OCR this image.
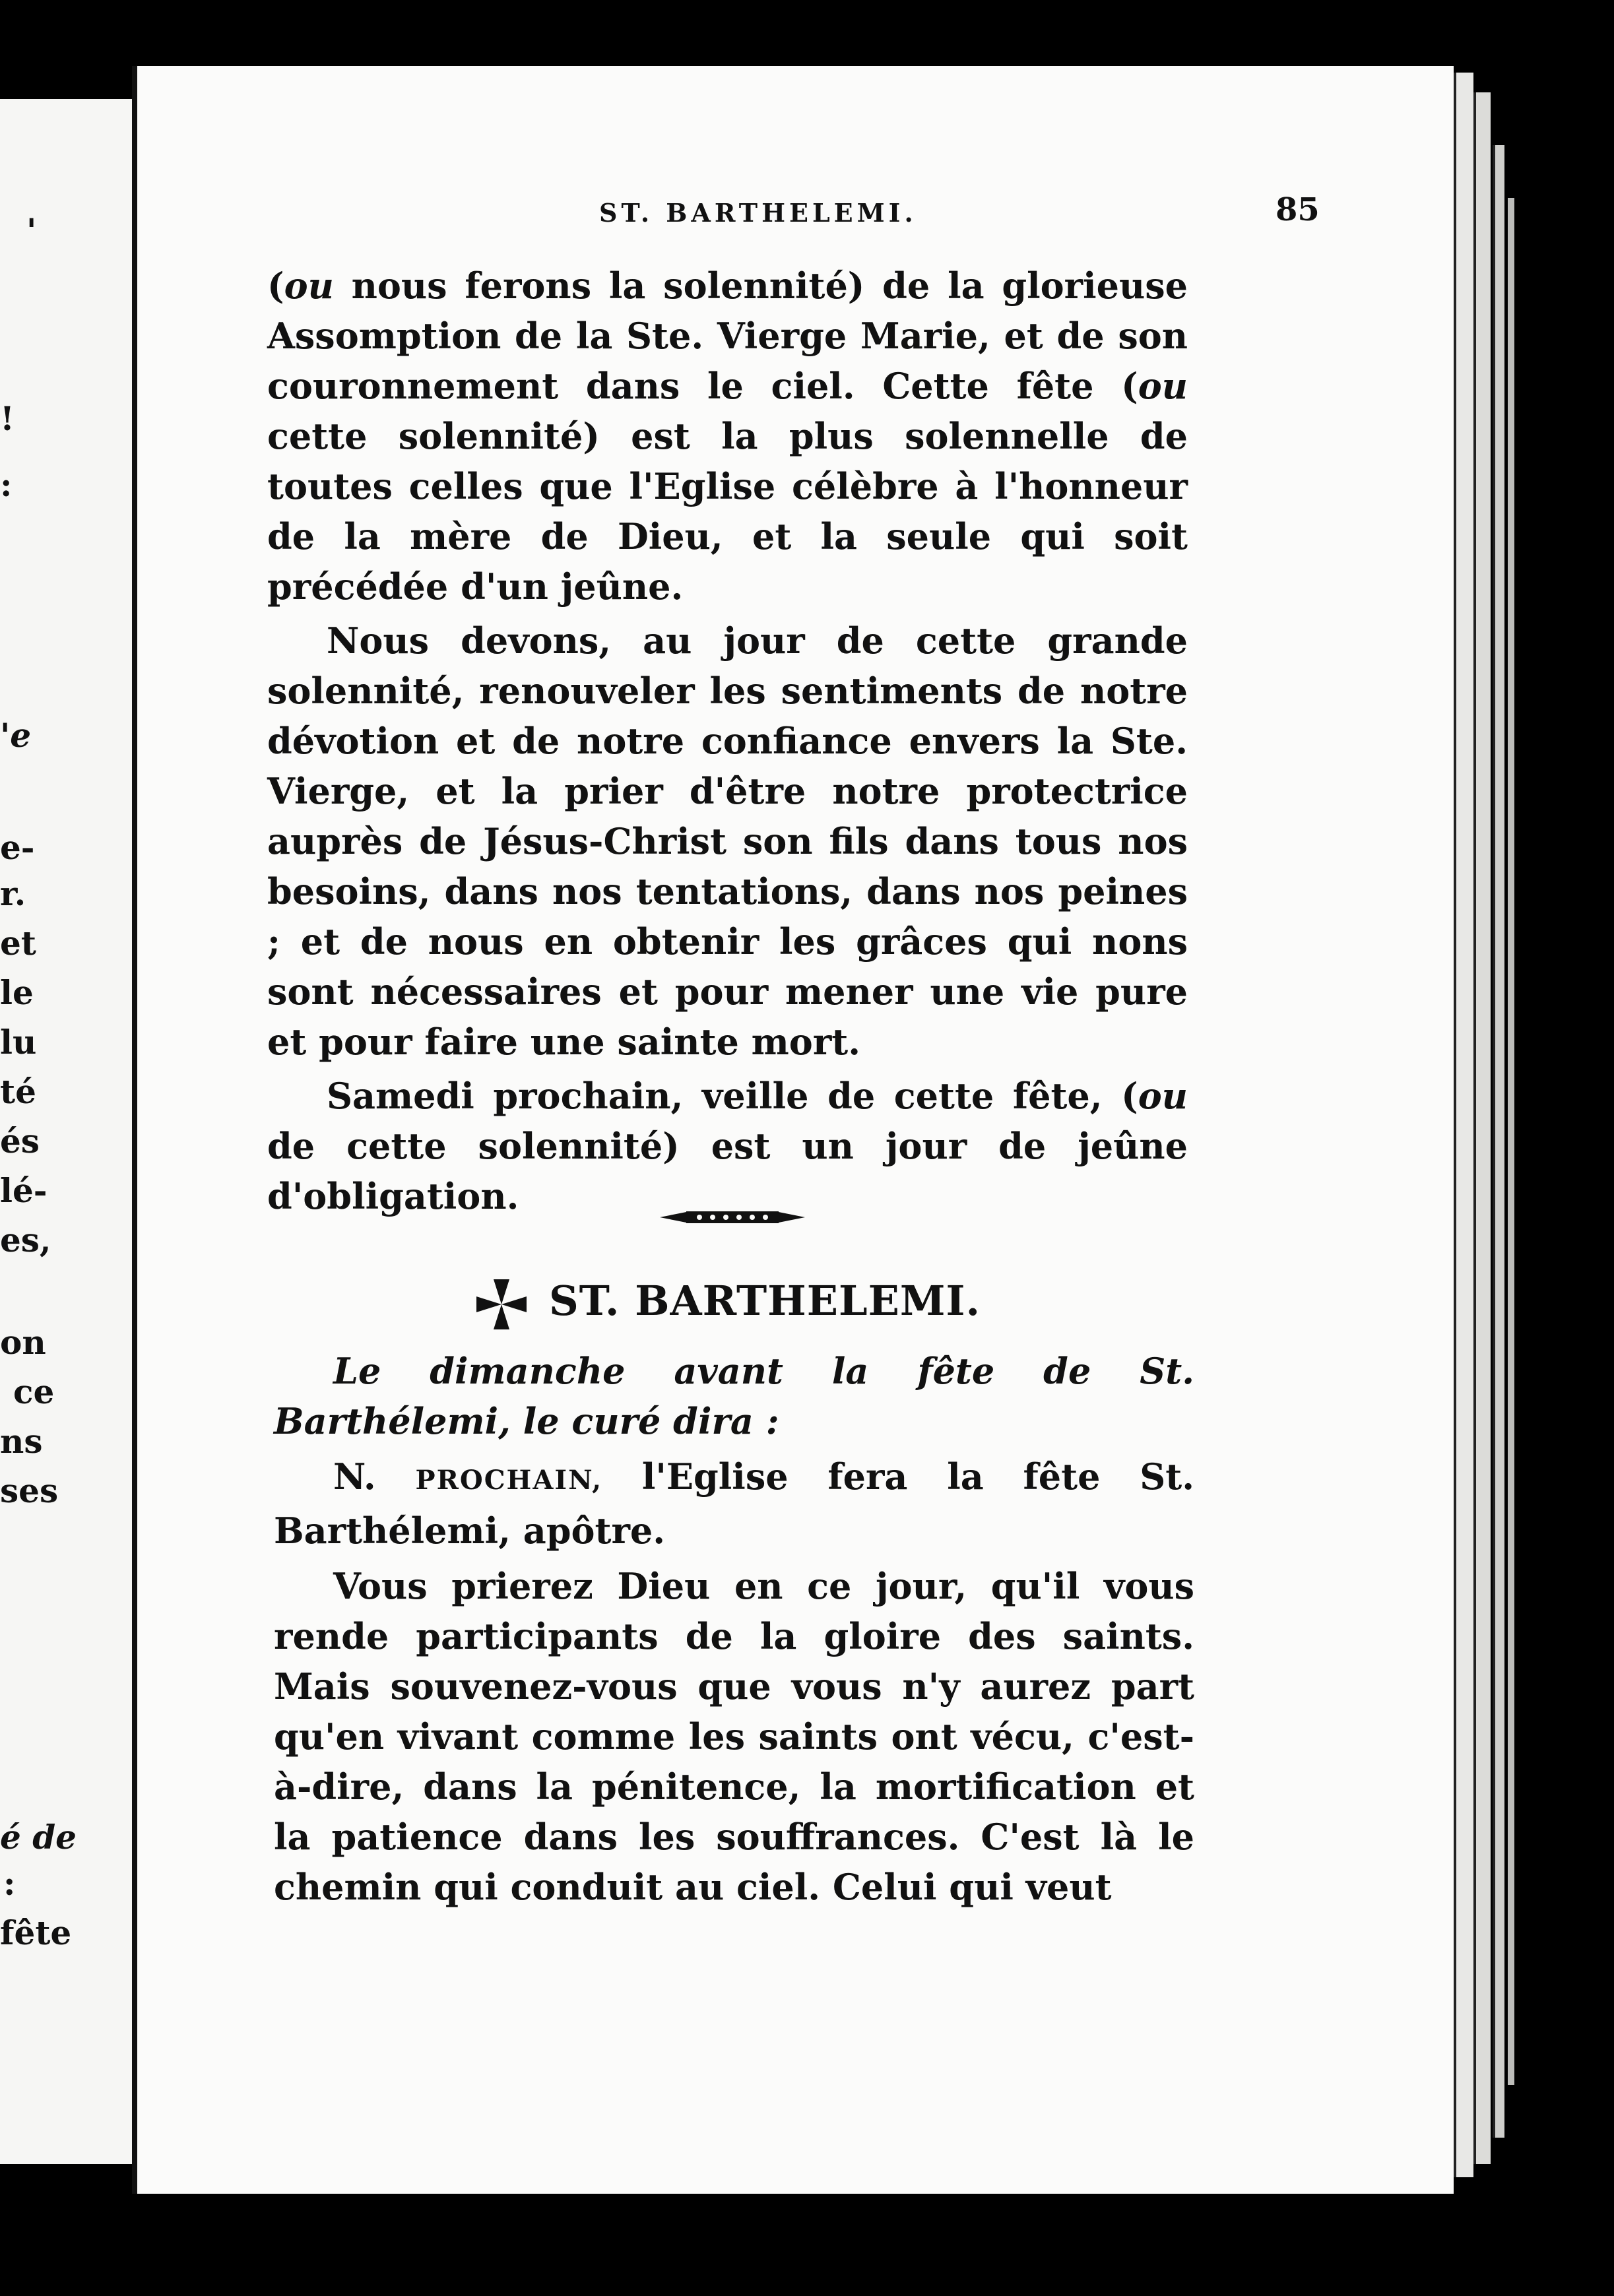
'
!
:
'e
e-
r.
et
le
lu
té
és
lé-
es,
on
ce
ns
ses
é de
:
fête
ST. BARTHELEMI.	85

(ou nous ferons la solennité) de la glorieuse Assomption de la Ste. Vierge Marie, et de son couronnement dans le ciel. Cette fête (ou cette solennité) est la plus solennelle de toutes celles que l'Eglise célèbre à l'honneur de la mère de Dieu, et la seule qui soit précédée d'un jeûne.

Nous devons, au jour de cette grande solennité, renouveler les sentiments de notre dévotion et de notre confiance envers la Ste. Vierge, et la prier d'être notre protectrice auprès de Jésus-Christ son fils dans tous nos besoins, dans nos tentations, dans nos peines ; et de nous en obtenir les grâces qui nons sont nécessaires et pour mener une vie pure et pour faire une sainte mort.

Samedi prochain, veille de cette fête, (ou de cette solennité) est un jour de jeûne d'obligation.

ST. BARTHELEMI.

Le dimanche avant la fête de St. Barthélemi, le curé dira :

N. PROCHAIN, l'Eglise fera la fête St. Barthélemi, apôtre.

Vous prierez Dieu en ce jour, qu'il vous rende participants de la gloire des saints. Mais souvenez-vous que vous n'y aurez part qu'en vivant comme les saints ont vécu, c'est-à-dire, dans la pénitence, la mortification et la patience dans les souffrances. C'est là le chemin qui conduit au ciel. Celui qui veut
